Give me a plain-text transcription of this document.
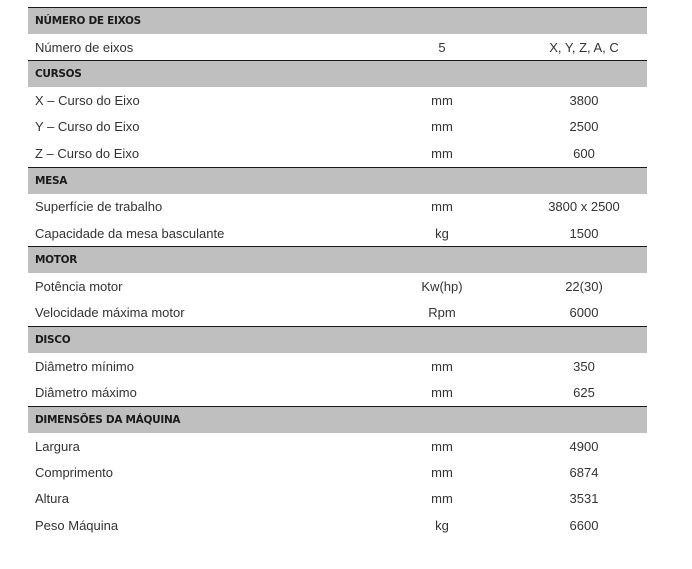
NÚMERO DE EIXOS
Número de eixos	5	X, Y, Z, A, C
CURSOS
X – Curso do Eixo	mm	3800
Y – Curso do Eixo	mm	2500
Z – Curso do Eixo	mm	600
MESA
Superfície de trabalho	mm	3800 x 2500
Capacidade da mesa basculante	kg	1500
MOTOR
Potência motor	Kw(hp)	22(30)
Velocidade máxima motor	Rpm	6000
DISCO
Diâmetro mínimo	mm	350
Diâmetro máximo	mm	625
DIMENSÕES DA MÁQUINA
Largura	mm	4900
Comprimento	mm	6874
Altura	mm	3531
Peso Máquina	kg	6600
